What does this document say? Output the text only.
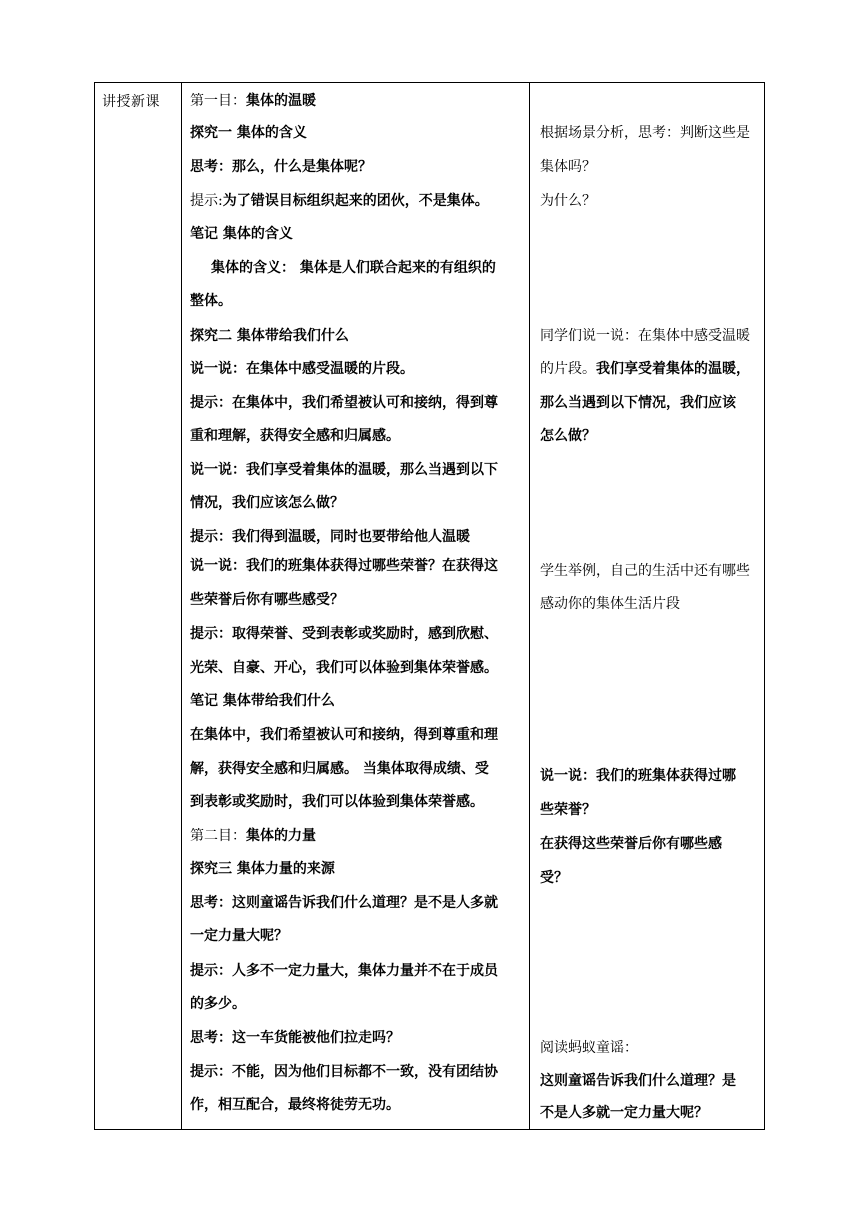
讲授新课 第一目：集体的温暖
探究一 集体的含义
思考：那么，什么是集体呢？
提示:为了错误目标组织起来的团伙，不是集体。
笔记 集体的含义
集体的含义： 集体是人们联合起来的有组织的
整体。
探究二 集体带给我们什么
说一说：在集体中感受温暖的片段。
提示：在集体中，我们希望被认可和接纳，得到尊
重和理解，获得安全感和归属感。
说一说：我们享受着集体的温暖，那么当遇到以下
情况，我们应该怎么做？
提示：我们得到温暖，同时也要带给他人温暖
说一说：我们的班集体获得过哪些荣誉？在获得这
些荣誉后你有哪些感受？
提示：取得荣誉、受到表彰或奖励时，感到欣慰、
光荣、自豪、开心，我们可以体验到集体荣誉感。
笔记 集体带给我们什么
在集体中，我们希望被认可和接纳，得到尊重和理
解，获得安全感和归属感。 当集体取得成绩、受
到表彰或奖励时，我们可以体验到集体荣誉感。
第二目：集体的力量
探究三 集体力量的来源
思考：这则童谣告诉我们什么道理？是不是人多就
一定力量大呢？
提示：人多不一定力量大，集体力量并不在于成员
的多少。
思考：这一车货能被他们拉走吗？
提示：不能，因为他们目标都不一致，没有团结协
作，相互配合，最终将徒劳无功。
根据场景分析，思考：判断这些是
集体吗？
为什么？
同学们说一说：在集体中感受温暖
的片段。我们享受着集体的温暖，
那么当遇到以下情况，我们应该
怎么做？
学生举例，自己的生活中还有哪些
感动你的集体生活片段
说一说：我们的班集体获得过哪
些荣誉？
在获得这些荣誉后你有哪些感
受？
阅读蚂蚁童谣：
这则童谣告诉我们什么道理？是
不是人多就一定力量大呢？
